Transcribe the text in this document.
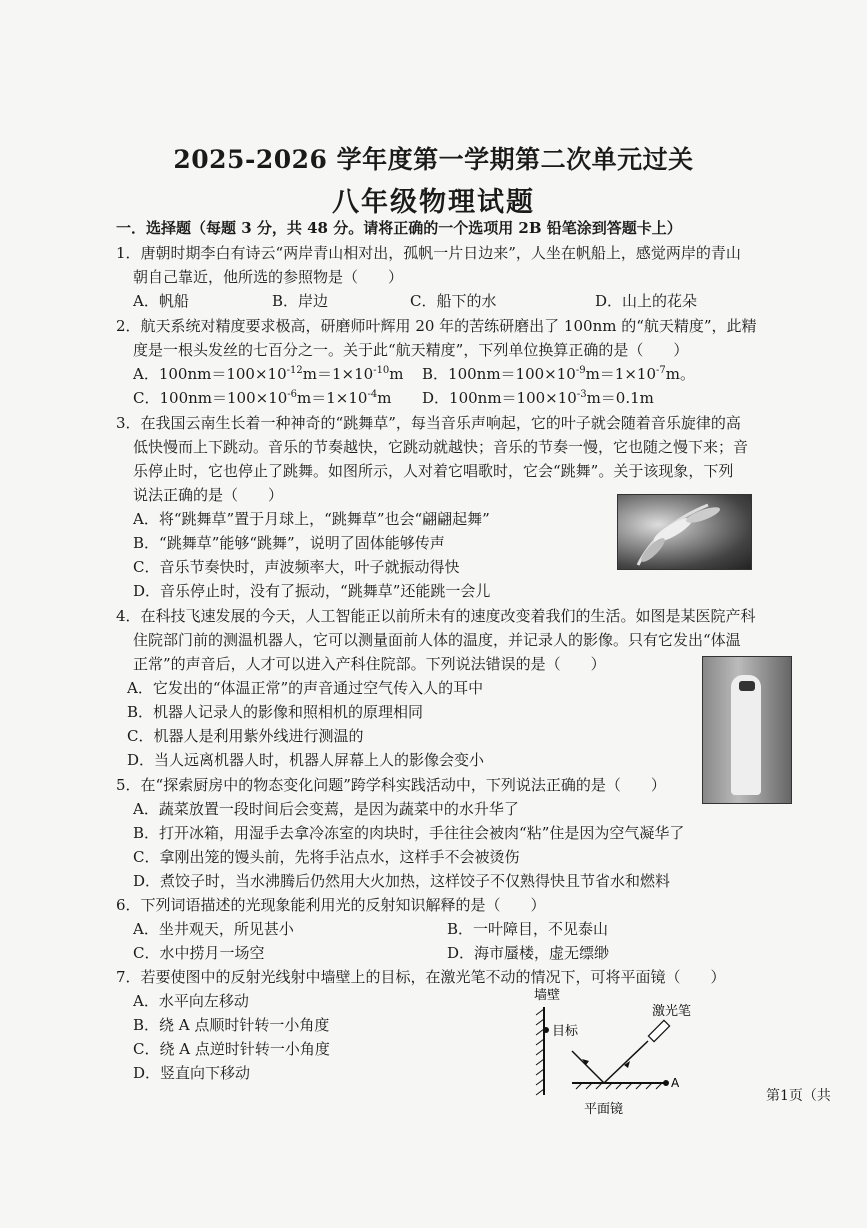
2025-2026 学年度第一学期第二次单元过关
八年级物理试题
一．选择题（每题 3 分，共 48 分。请将正确的一个选项用 2B 铅笔涂到答题卡上）
1．唐朝时期李白有诗云“两岸青山相对出，孤帆一片日边来”，人坐在帆船上，感觉两岸的青山
朝自己靠近，他所选的参照物是（　　）
A．帆船	B．岸边	C．船下的水	D．山上的花朵
2．航天系统对精度要求极高，研磨师叶辉用 20 年的苦练研磨出了 100nm 的“航天精度”，此精
度是一根头发丝的七百分之一。关于此“航天精度”，下列单位换算正确的是（　　）
A．$100nm=100\times 10^{-12}m=1\times 10^{-10}m$ B．$100nm=100\times 10^{-9}m=1\times 10^{-7}m$。
C．$100nm=100\times 10^{-6}m=1\times 10^{-4}m$ D．$100nm=100\times 10^{-3}m=0.1m$
3．在我国云南生长着一种神奇的“跳舞草”，每当音乐声响起，它的叶子就会随着音乐旋律的高
低快慢而上下跳动。音乐的节奏越快，它跳动就越快；音乐的节奏一慢，它也随之慢下来；音
乐停止时，它也停止了跳舞。如图所示，人对着它唱歌时，它会“跳舞”。关于该现象，下列
说法正确的是（　　）
A．将“跳舞草”置于月球上，“跳舞草”也会“翩翩起舞”
B．“跳舞草”能够“跳舞”，说明了固体能够传声
C．音乐节奏快时，声波频率大，叶子就振动得快
D．音乐停止时，没有了振动，“跳舞草”还能跳一会儿
4．在科技飞速发展的今天，人工智能正以前所未有的速度改变着我们的生活。如图是某医院产科
住院部门前的测温机器人，它可以测量面前人体的温度，并记录人的影像。只有它发出“体温
正常”的声音后，人才可以进入产科住院部。下列说法错误的是（　　）
A．它发出的“体温正常”的声音通过空气传入人的耳中
B．机器人记录人的影像和照相机的原理相同
C．机器人是利用紫外线进行测温的
D．当人远离机器人时，机器人屏幕上人的影像会变小
5．在“探索厨房中的物态变化问题”跨学科实践活动中，下列说法正确的是（　　）
A．蔬菜放置一段时间后会变蔫，是因为蔬菜中的水升华了
B．打开冰箱，用湿手去拿冷冻室的肉块时，手往往会被肉“粘”住是因为空气凝华了
C．拿刚出笼的馒头前，先将手沾点水，这样手不会被烫伤
D．煮饺子时，当水沸腾后仍然用大火加热，这样饺子不仅熟得快且节省水和燃料
6．下列词语描述的光现象能利用光的反射知识解释的是（　　）
A．坐井观天，所见甚小	B．一叶障目，不见泰山
C．水中捞月一场空	D．海市蜃楼，虚无缥缈
7．若要使图中的反射光线射中墙壁上的目标，在激光笔不动的情况下，可将平面镜（　　）
A．水平向左移动
B．绕 A 点顺时针转一小角度
C．绕 A 点逆时针转一小角度
D．竖直向下移动
墙壁
目标
激光笔
A
平面镜
第1页（共
